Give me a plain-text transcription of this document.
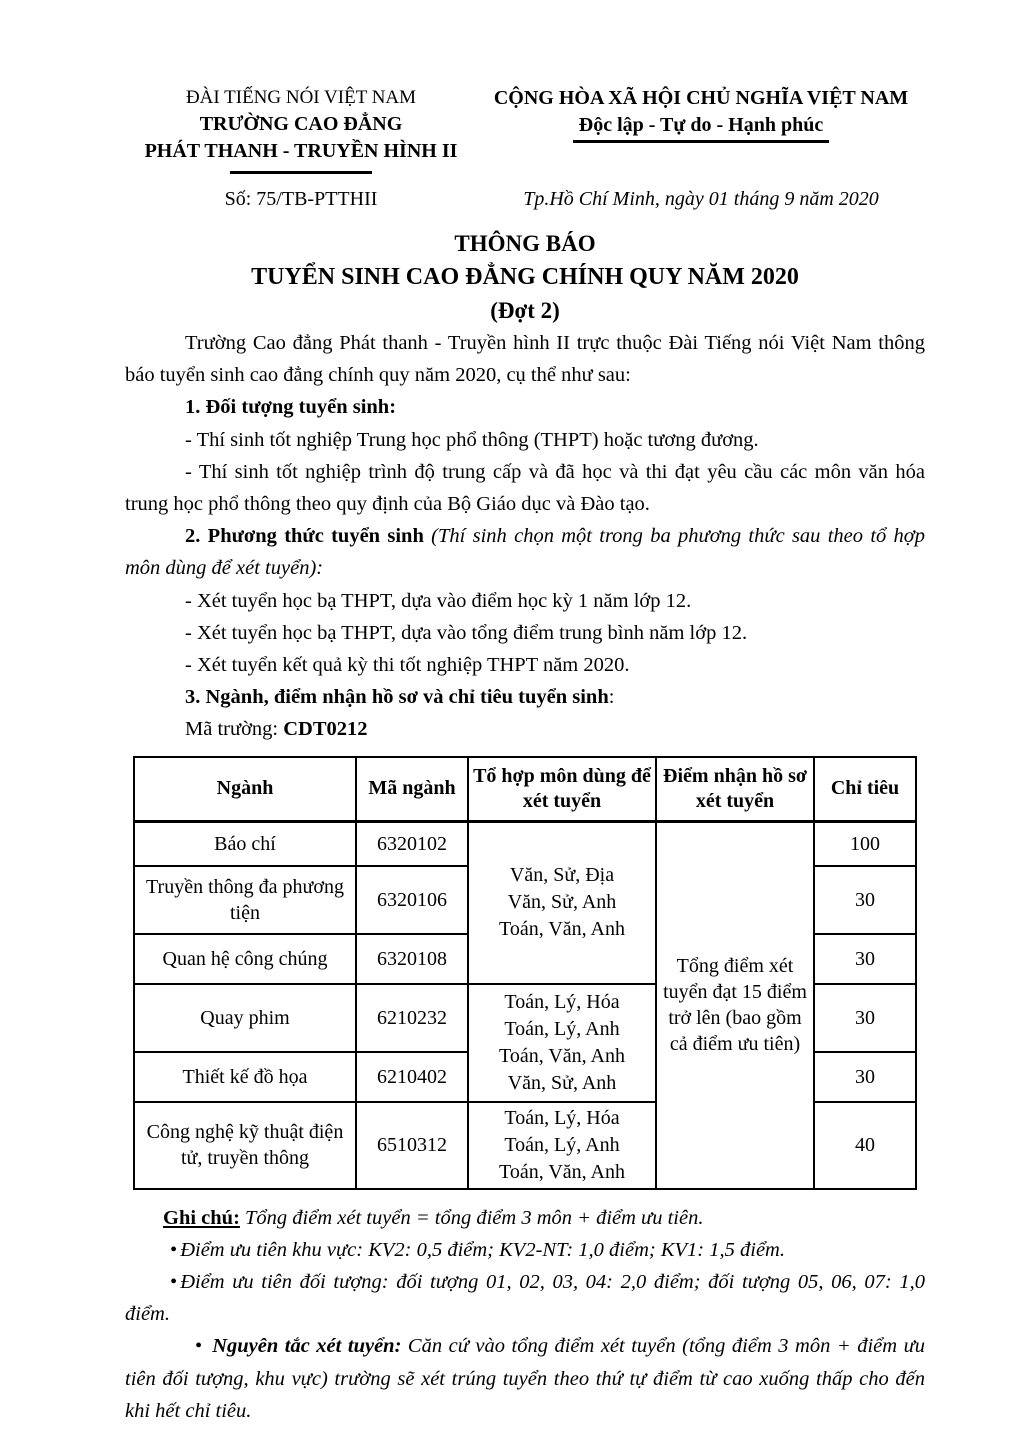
ĐÀI TIẾNG NÓI VIỆT NAM
TRƯỜNG CAO ĐẲNG
PHÁT THANH - TRUYỀN HÌNH II
CỘNG HÒA XÃ HỘI CHỦ NGHĨA VIỆT NAM
Độc lập - Tự do - Hạnh phúc
Số: 75/TB-PTTHII	Tp.Hồ Chí Minh, ngày 01 tháng 9 năm 2020
THÔNG BÁO
TUYỂN SINH CAO ĐẲNG CHÍNH QUY NĂM 2020
(Đợt 2)

Trường Cao đẳng Phát thanh - Truyền hình II trực thuộc Đài Tiếng nói Việt Nam thông báo tuyển sinh cao đẳng chính quy năm 2020, cụ thể như sau:

1. Đối tượng tuyển sinh:

- Thí sinh tốt nghiệp Trung học phổ thông (THPT) hoặc tương đương.

- Thí sinh tốt nghiệp trình độ trung cấp và đã học và thi đạt yêu cầu các môn văn hóa trung học phổ thông theo quy định của Bộ Giáo dục và Đào tạo.

2. Phương thức tuyển sinh (Thí sinh chọn một trong ba phương thức sau theo tổ hợp môn dùng để xét tuyển):

- Xét tuyển học bạ THPT, dựa vào điểm học kỳ 1 năm lớp 12.

- Xét tuyển học bạ THPT, dựa vào tổng điểm trung bình năm lớp 12.

- Xét tuyển kết quả kỳ thi tốt nghiệp THPT năm 2020.

3. Ngành, điểm nhận hồ sơ và chỉ tiêu tuyển sinh:

Mã trường: CDT0212

Ngành	Mã ngành	Tổ hợp môn dùng để xét tuyển	Điểm nhận hồ sơ xét tuyển	Chỉ tiêu
Báo chí	6320102	Văn, Sử, Địa
Văn, Sử, Anh
Toán, Văn, Anh	Tổng điểm xét tuyển đạt 15 điểm trở lên (bao gồm cả điểm ưu tiên)	100
Truyền thông đa phương tiện	6320106			30
Quan hệ công chúng	6320108			30
Quay phim	6210232	Toán, Lý, Hóa
Toán, Lý, Anh
Toán, Văn, Anh
Văn, Sử, Anh		30
Thiết kế đồ họa	6210402			30
Công nghệ kỹ thuật điện tử, truyền thông	6510312	Toán, Lý, Hóa
Toán, Lý, Anh
Toán, Văn, Anh		40

Ghi chú: Tổng điểm xét tuyển = tổng điểm 3 môn + điểm ưu tiên.

• Điểm ưu tiên khu vực: KV2: 0,5 điểm; KV2-NT: 1,0 điểm; KV1: 1,5 điểm.

• Điểm ưu tiên đối tượng: đối tượng 01, 02, 03, 04: 2,0 điểm; đối tượng 05, 06, 07: 1,0 điểm.

• Nguyên tắc xét tuyển: Căn cứ vào tổng điểm xét tuyển (tổng điểm 3 môn + điểm ưu tiên đối tượng, khu vực) trường sẽ xét trúng tuyển theo thứ tự điểm từ cao xuống thấp cho đến khi hết chỉ tiêu.
